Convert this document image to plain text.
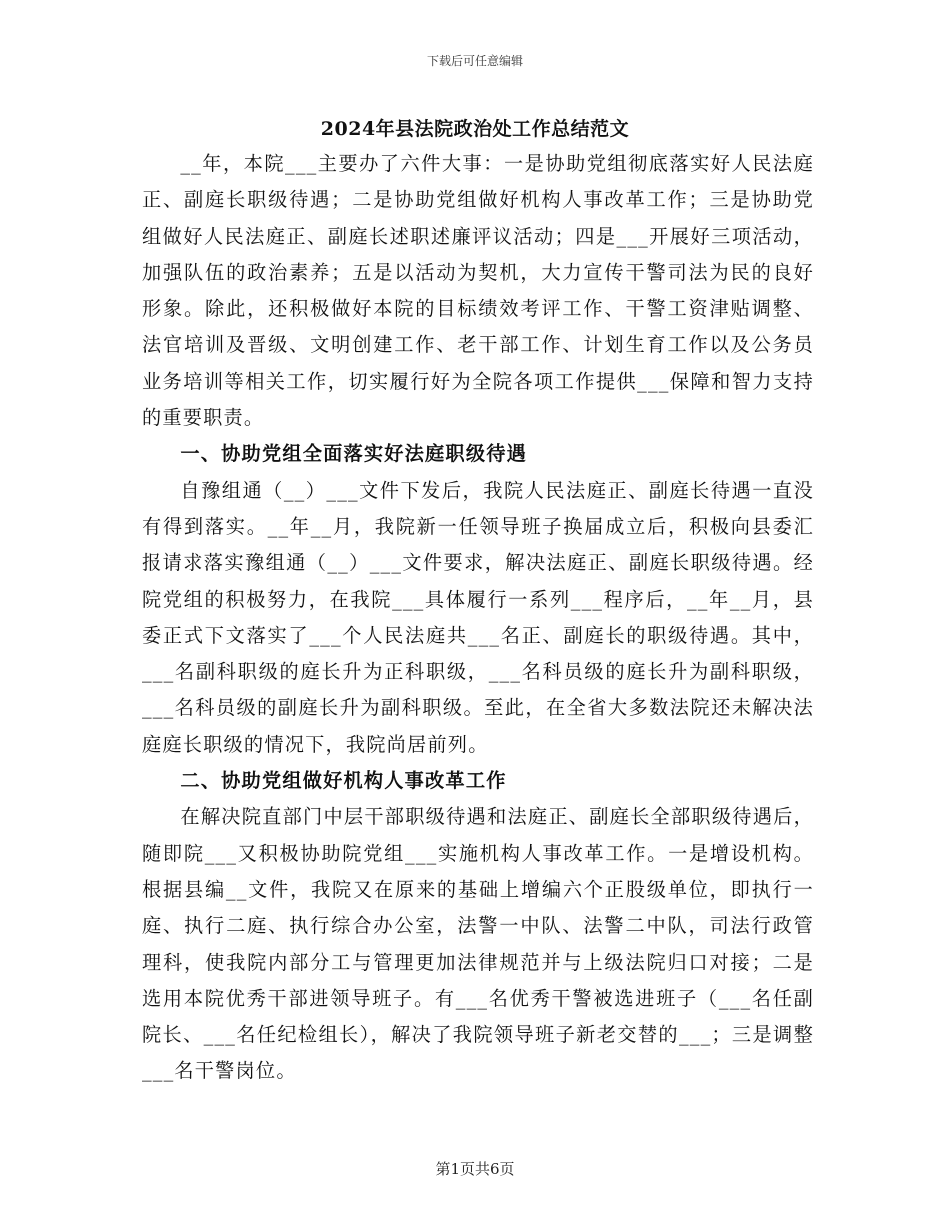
下载后可任意编辑
2024年县法院政治处工作总结范文

__年，本院___主要办了六件大事：一是协助党组彻底落实好人民法庭正、副庭长职级待遇；二是协助党组做好机构人事改革工作；三是协助党组做好人民法庭正、副庭长述职述廉评议活动；四是___开展好三项活动，加强队伍的政治素养；五是以活动为契机，大力宣传干警司法为民的良好形象。除此，还积极做好本院的目标绩效考评工作、干警工资津贴调整、法官培训及晋级、文明创建工作、老干部工作、计划生育工作以及公务员业务培训等相关工作，切实履行好为全院各项工作提供___保障和智力支持的重要职责。

一、协助党组全面落实好法庭职级待遇

自豫组通（__）___文件下发后，我院人民法庭正、副庭长待遇一直没有得到落实。__年__月，我院新一任领导班子换届成立后，积极向县委汇报请求落实豫组通（__）___文件要求，解决法庭正、副庭长职级待遇。经院党组的积极努力，在我院___具体履行一系列___程序后，__年__月，县委正式下文落实了___个人民法庭共___名正、副庭长的职级待遇。其中，___名副科职级的庭长升为正科职级，___名科员级的庭长升为副科职级，___名科员级的副庭长升为副科职级。至此，在全省大多数法院还未解决法庭庭长职级的情况下，我院尚居前列。

二、协助党组做好机构人事改革工作

在解决院直部门中层干部职级待遇和法庭正、副庭长全部职级待遇后，随即院___又积极协助院党组___实施机构人事改革工作。一是增设机构。根据县编__文件，我院又在原来的基础上增编六个正股级单位，即执行一庭、执行二庭、执行综合办公室，法警一中队、法警二中队，司法行政管理科，使我院内部分工与管理更加法律规范并与上级法院归口对接；二是选用本院优秀干部进领导班子。有___名优秀干警被选进班子（___名任副院长、___名任纪检组长），解决了我院领导班子新老交替的___；三是调整___名干警岗位。

第1页共6页
